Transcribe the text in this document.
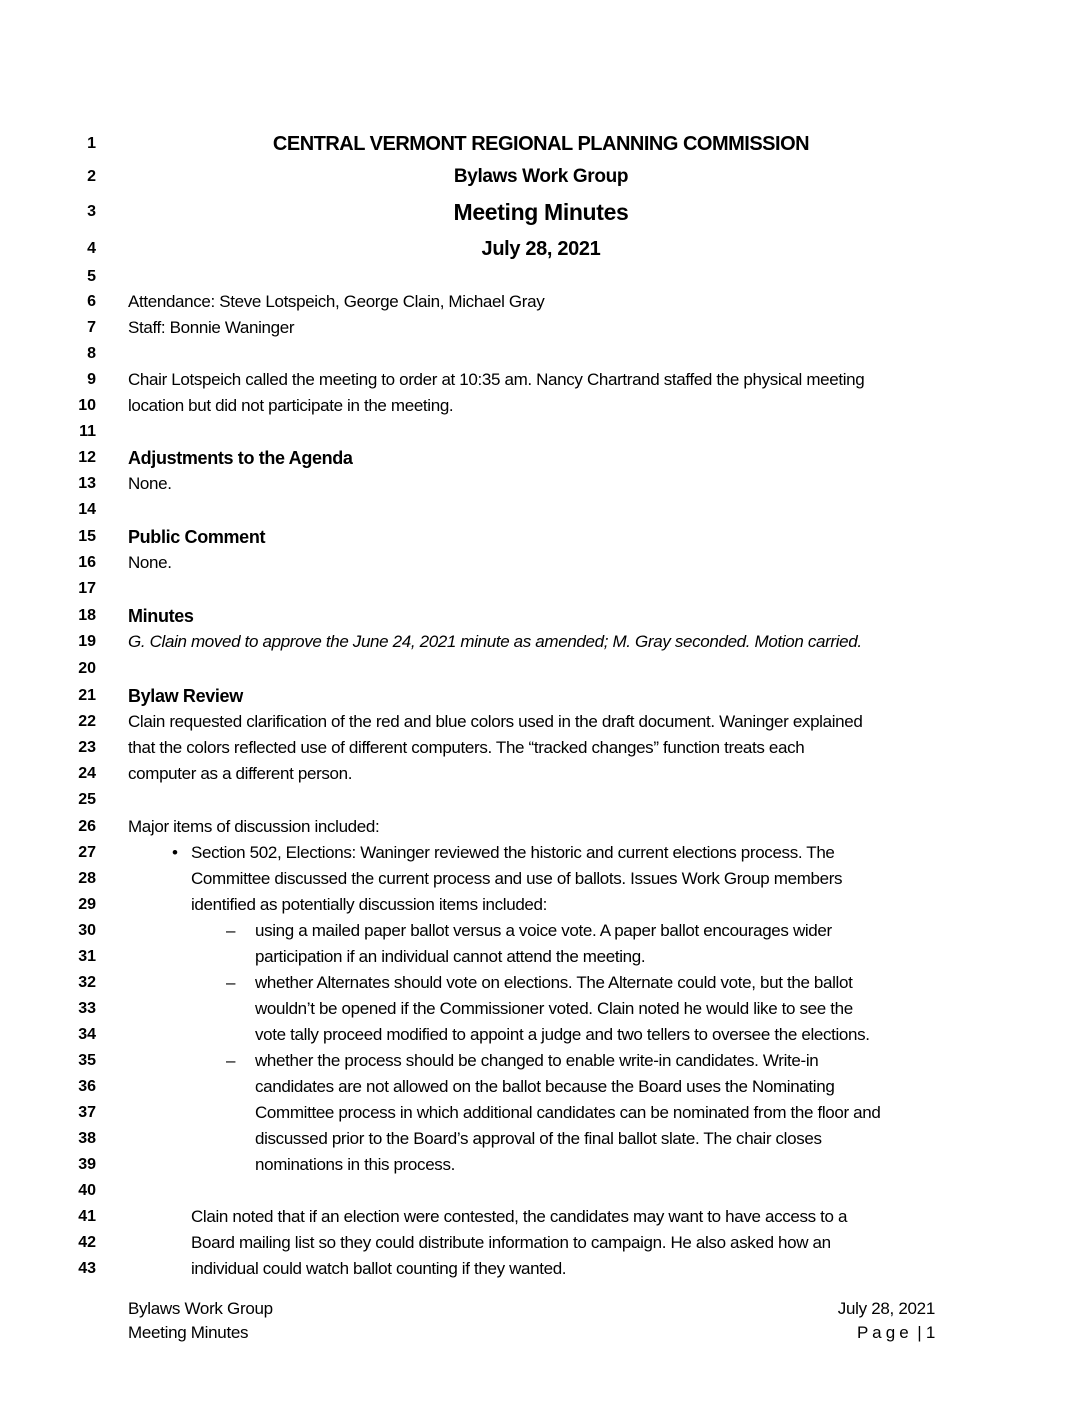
1	CENTRAL VERMONT REGIONAL PLANNING COMMISSION
2	Bylaws Work Group
3	Meeting Minutes
4	July 28, 2021
5
6 Attendance: Steve Lotspeich, George Clain, Michael Gray
7 Staff: Bonnie Waninger
8
9 Chair Lotspeich called the meeting to order at 10:35 am. Nancy Chartrand staffed the physical meeting
10 location but did not participate in the meeting.
11
12 Adjustments to the Agenda
13 None.
14
15 Public Comment
16 None.
17
18 Minutes
19 G. Clain moved to approve the June 24, 2021 minute as amended; M. Gray seconded. Motion carried.
20
21 Bylaw Review
22 Clain requested clarification of the red and blue colors used in the draft document. Waninger explained
23 that the colors reflected use of different computers. The “tracked changes” function treats each
24 computer as a different person.
25
26 Major items of discussion included:
27	• Section 502, Elections: Waninger reviewed the historic and current elections process. The
28	Committee discussed the current process and use of ballots. Issues Work Group members
29	identified as potentially discussion items included:
30	– using a mailed paper ballot versus a voice vote. A paper ballot encourages wider
31	participation if an individual cannot attend the meeting.
32	– whether Alternates should vote on elections. The Alternate could vote, but the ballot
33	wouldn’t be opened if the Commissioner voted. Clain noted he would like to see the
34	vote tally proceed modified to appoint a judge and two tellers to oversee the elections.
35	– whether the process should be changed to enable write-in candidates. Write-in
36	candidates are not allowed on the ballot because the Board uses the Nominating
37	Committee process in which additional candidates can be nominated from the floor and
38	discussed prior to the Board’s approval of the final ballot slate. The chair closes
39	nominations in this process.
40
41	Clain noted that if an election were contested, the candidates may want to have access to a
42	Board mailing list so they could distribute information to campaign. He also asked how an
43	individual could watch ballot counting if they wanted.
Bylaws Work Group
Meeting Minutes
July 28, 2021
P a g e  | 1
